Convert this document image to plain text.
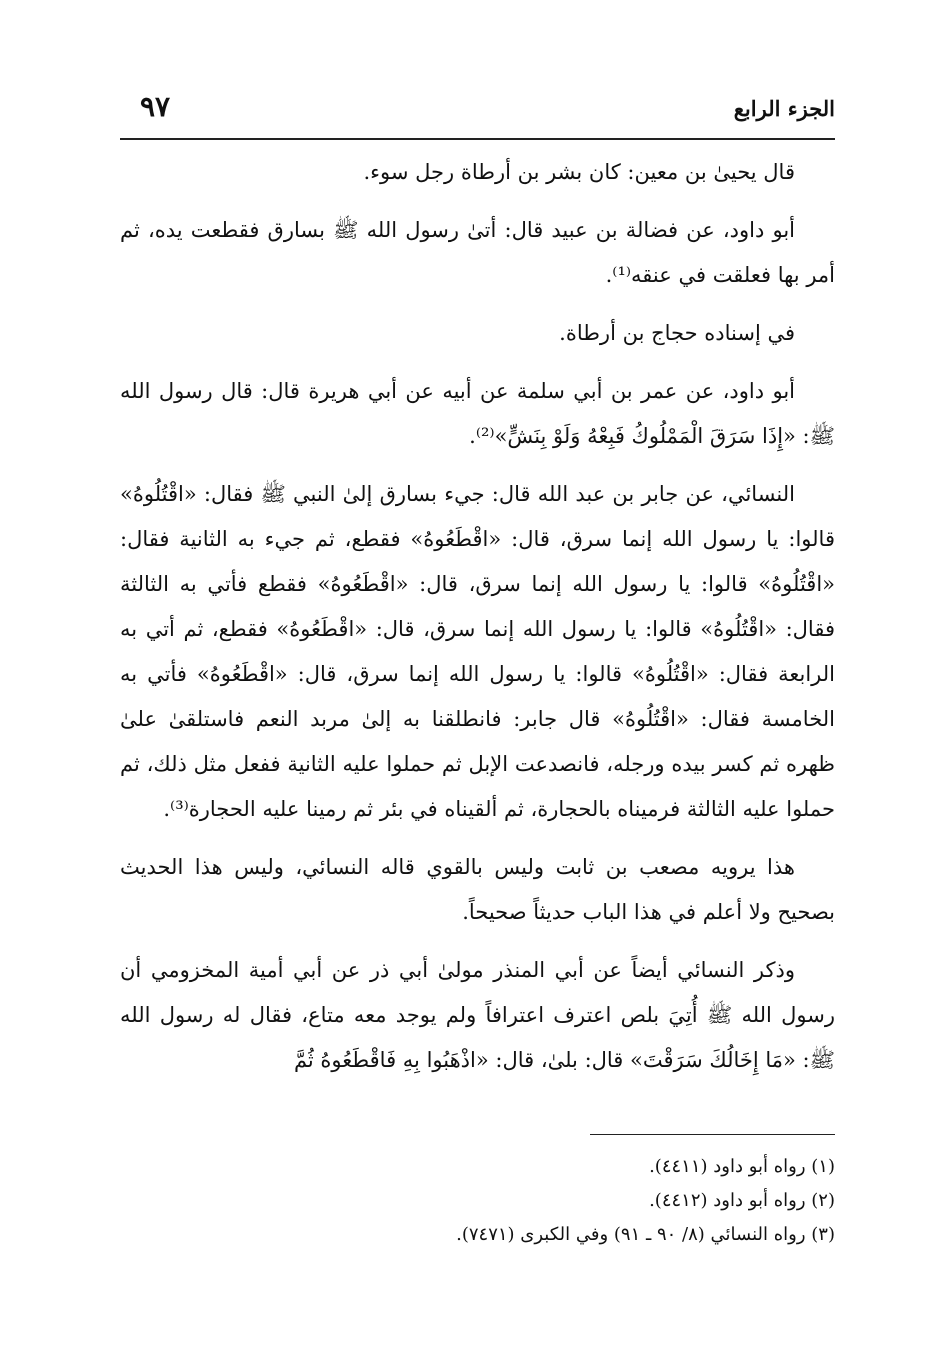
الجزء الرابع
٩٧

قال يحيىٰ بن معين: كان بشر بن أرطاة رجل سوء.

أبو داود، عن فضالة بن عبيد قال: أتىٰ رسول الله ﷺ بسارق فقطعت يده، ثم أمر بها فعلقت في عنقه⁽¹⁾.

في إسناده حجاج بن أرطاة.

أبو داود، عن عمر بن أبي سلمة عن أبيه عن أبي هريرة قال: قال رسول الله ﷺ: «إِذَا سَرَقَ الْمَمْلُوكُ فَبِعْهُ وَلَوْ بِنَشٍّ»⁽²⁾.

النسائي، عن جابر بن عبد الله قال: جيء بسارق إلىٰ النبي ﷺ فقال: «اقْتُلُوهُ» قالوا: يا رسول الله إنما سرق، قال: «اقْطَعُوهُ» فقطع، ثم جيء به الثانية فقال: «اقْتُلُوهُ» قالوا: يا رسول الله إنما سرق، قال: «اقْطَعُوهُ» فقطع فأتي به الثالثة فقال: «اقْتُلُوهُ» قالوا: يا رسول الله إنما سرق، قال: «اقْطَعُوهُ» فقطع، ثم أتي به الرابعة فقال: «اقْتُلُوهُ» قالوا: يا رسول الله إنما سرق، قال: «اقْطَعُوهُ» فأتي به الخامسة فقال: «اقْتُلُوهُ» قال جابر: فانطلقنا به إلىٰ مربد النعم فاستلقىٰ علىٰ ظهره ثم كسر بيده ورجله، فانصدعت الإبل ثم حملوا عليه الثانية ففعل مثل ذلك، ثم حملوا عليه الثالثة فرميناه بالحجارة، ثم ألقيناه في بئر ثم رمينا عليه الحجارة⁽³⁾.

هذا يرويه مصعب بن ثابت وليس بالقوي قاله النسائي، وليس هذا الحديث بصحيح ولا أعلم في هذا الباب حديثاً صحيحاً.

وذكر النسائي أيضاً عن أبي المنذر مولىٰ أبي ذر عن أبي أمية المخزومي أن رسول الله ﷺ أُتِيَ بلص اعترف اعترافاً ولم يوجد معه متاع، فقال له رسول الله ﷺ: «مَا إِخَالُكَ سَرَقْتَ» قال: بلىٰ، قال: «اذْهَبُوا بِهِ فَاقْطَعُوهُ ثُمَّ

(١) رواه أبو داود (٤٤١١).

(٢) رواه أبو داود (٤٤١٢).

(٣) رواه النسائي (٨/ ٩٠ ـ ٩١) وفي الكبرى (٧٤٧١).
